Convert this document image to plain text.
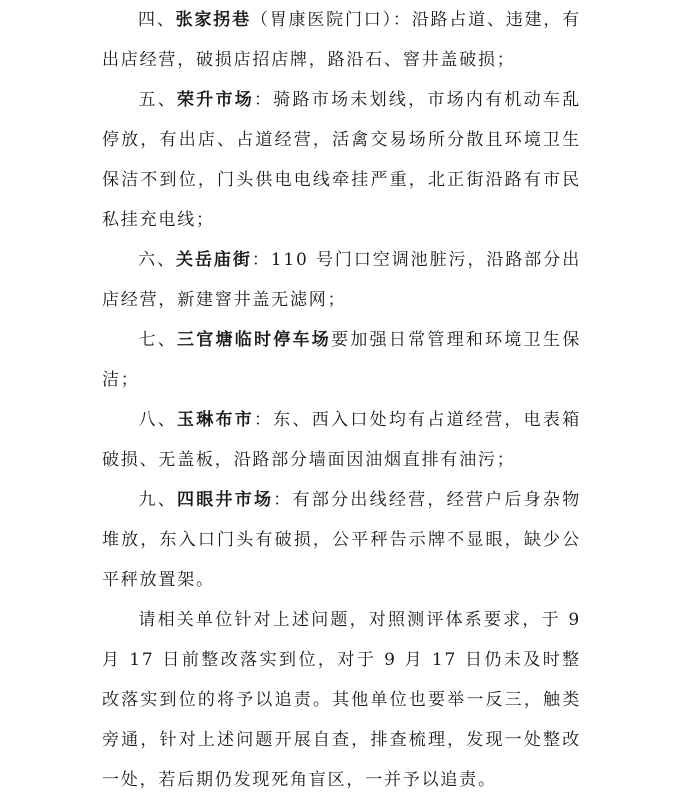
四、张家拐巷（胃康医院门口）：沿路占道、违建，有出店经营，破损店招店牌，路沿石、窨井盖破损；

五、荣升市场：骑路市场未划线，市场内有机动车乱停放，有出店、占道经营，活禽交易场所分散且环境卫生保洁不到位，门头供电电线牵挂严重，北正街沿路有市民私挂充电线；

六、关岳庙街：110 号门口空调池脏污，沿路部分出店经营，新建窨井盖无滤网；

七、三官塘临时停车场要加强日常管理和环境卫生保洁；

八、玉琳布市：东、西入口处均有占道经营，电表箱破损、无盖板，沿路部分墙面因油烟直排有油污；

九、四眼井市场：有部分出线经营，经营户后身杂物堆放，东入口门头有破损，公平秤告示牌不显眼，缺少公平秤放置架。

请相关单位针对上述问题，对照测评体系要求，于 9 月 17 日前整改落实到位，对于 9 月 17 日仍未及时整改落实到位的将予以追责。其他单位也要举一反三，触类旁通，针对上述问题开展自查，排查梳理，发现一处整改一处，若后期仍发现死角盲区，一并予以追责。
